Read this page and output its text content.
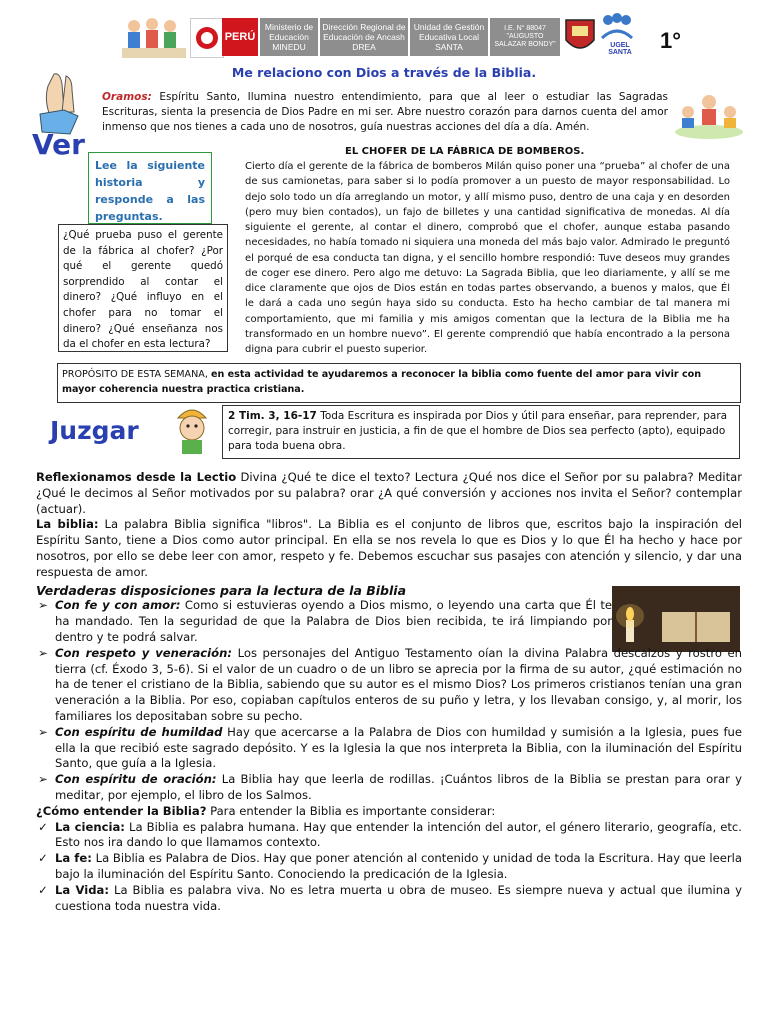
PERÚ
Ministerio de Educación MINEDU
Dirección Regional de Educación de Ancash DREA
Unidad de Gestión Educativa Local SANTA
I.E. N° 88047 "AUGUSTO SALAZAR BONDY"	UGEL SANTA	1°
Me relaciono con Dios a través de la Biblia.
Oramos: Espíritu Santo, Ilumina nuestro entendimiento, para que al leer o estudiar las Sagradas Escrituras, sienta la presencia de Dios Padre en mi ser. Abre nuestro corazón para darnos cuenta del amor inmenso que nos tienes a cada uno de nosotros, guía nuestras acciones del día a día. Amén.
Ver
Lee la siguiente historia y responde a las preguntas.
¿Qué prueba puso el gerente de la fábrica al chofer? ¿Por qué el gerente quedó sorprendido al contar el dinero? ¿Qué influyo en el chofer para no tomar el dinero? ¿Qué enseñanza nos da el chofer en esta lectura?
EL CHOFER DE LA FÁBRICA DE BOMBEROS.
Cierto día el gerente de la fábrica de bomberos Milán quiso poner una “prueba” al chofer de una de sus camionetas, para saber si lo podía promover a un puesto de mayor responsabilidad. Lo dejo solo todo un día arreglando un motor, y allí mismo puso, dentro de una caja y en desorden (pero muy bien contados), un fajo de billetes y una cantidad significativa de monedas. Al día siguiente el gerente, al contar el dinero, comprobó que el chofer, aunque estaba pasando necesidades, no había tomado ni siquiera una moneda del más bajo valor. Admirado le preguntó el porqué de esa conducta tan digna, y el sencillo hombre respondió: Tuve deseos muy grandes de coger ese dinero. Pero algo me detuvo: La Sagrada Biblia, que leo diariamente, y allí se me dice claramente que ojos de Dios están en todas partes observando, a buenos y malos, que Él le dará a cada uno según haya sido su conducta. Esto ha hecho cambiar de tal manera mi comportamiento, que mi familia y mis amigos comentan que la lectura de la Biblia me ha transformado en un hombre nuevo”. El gerente comprendió que había encontrado a la persona digna para cubrir el puesto superior.
PROPÓSITO DE ESTA SEMANA, en esta actividad te ayudaremos a reconocer la biblia como fuente del amor para vivir con mayor coherencia nuestra practica cristiana.
Juzgar	2 Tim. 3, 16-17 Toda Escritura es inspirada por Dios y útil para enseñar, para reprender, para corregir, para instruir en justicia, a fin de que el hombre de Dios sea perfecto (apto), equipado para toda buena obra.

Reflexionamos desde la Lectio Divina ¿Qué te dice el texto? Lectura ¿Qué nos dice el Señor por su palabra? Meditar ¿Qué le decimos al Señor motivados por su palabra? orar ¿A qué conversión y acciones nos invita el Señor? contemplar (actuar).

La biblia: La palabra Biblia significa "libros". La Biblia es el conjunto de libros que, escritos bajo la inspiración del Espíritu Santo, tiene a Dios como autor principal. En ella se nos revela lo que es Dios y lo que Él ha hecho y hace por nosotros, por ello se debe leer con amor, respeto y fe. Debemos escuchar sus pasajes con atención y silencio, y dar una respuesta de amor.

Verdaderas disposiciones para la lectura de la Biblia

➢ Con fe y con amor: Como si estuvieras oyendo a Dios mismo, o leyendo una carta que Él te ha mandado. Ten la seguridad de que la Palabra de Dios bien recibida, te irá limpiando por dentro y te podrá salvar.
➢ Con respeto y veneración: Los personajes del Antiguo Testamento oían la divina Palabra descalzos y rostro en tierra (cf. Éxodo 3, 5-6). Si el valor de un cuadro o de un libro se aprecia por la firma de su autor, ¿qué estimación no ha de tener el cristiano de la Biblia, sabiendo que su autor es el mismo Dios? Los primeros cristianos tenían una gran veneración a la Biblia. Por eso, copiaban capítulos enteros de su puño y letra, y los llevaban consigo, y, al morir, los familiares los depositaban sobre su pecho.
➢ Con espíritu de humildad Hay que acercarse a la Palabra de Dios con humildad y sumisión a la Iglesia, pues fue ella la que recibió este sagrado depósito. Y es la Iglesia la que nos interpreta la Biblia, con la iluminación del Espíritu Santo, que guía a la Iglesia.
➢ Con espíritu de oración: La Biblia hay que leerla de rodillas. ¡Cuántos libros de la Biblia se prestan para orar y meditar, por ejemplo, el libro de los Salmos.

¿Cómo entender la Biblia? Para entender la Biblia es importante considerar:

✓ La ciencia: La Biblia es palabra humana. Hay que entender la intención del autor, el género literario, geografía, etc. Esto nos ira dando lo que llamamos contexto.
✓ La fe: La Biblia es Palabra de Dios. Hay que poner atención al contenido y unidad de toda la Escritura. Hay que leerla bajo la iluminación del Espíritu Santo. Conociendo la predicación de la Iglesia.
✓ La Vida: La Biblia es palabra viva. No es letra muerta u obra de museo. Es siempre nueva y actual que ilumina y cuestiona toda nuestra vida.
